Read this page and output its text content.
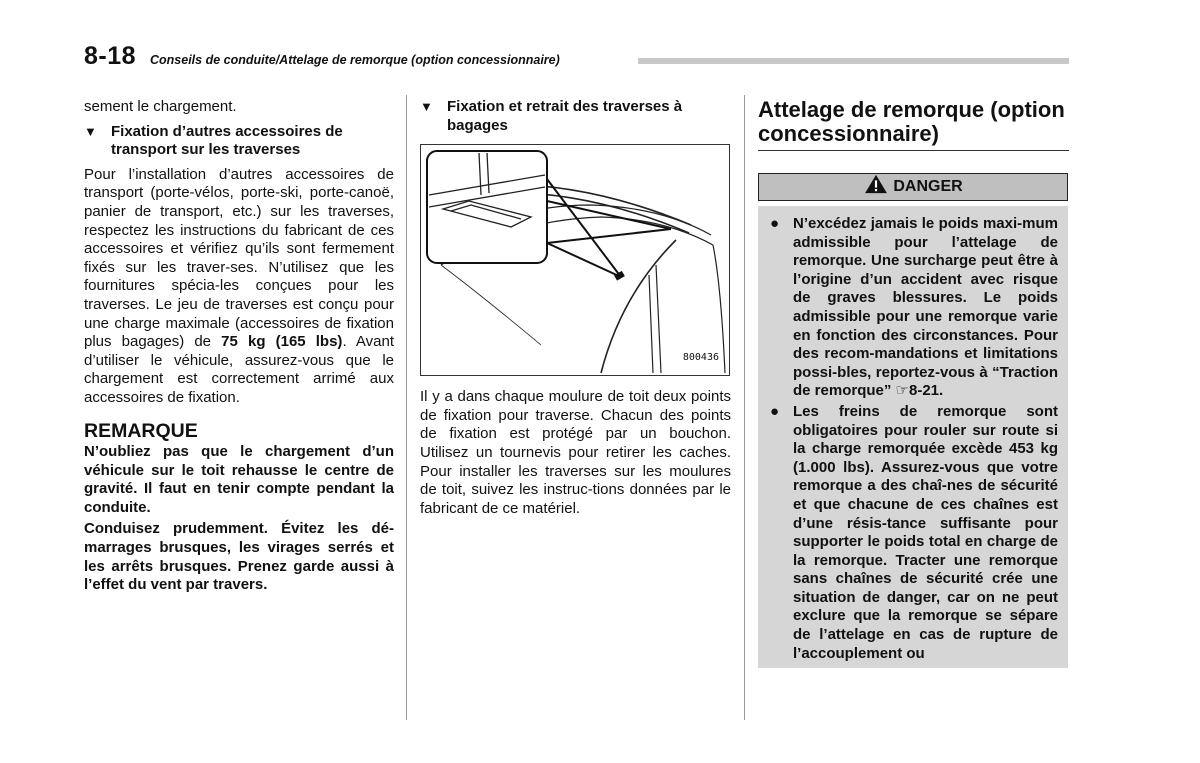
8-18 Conseils de conduite/Attelage de remorque (option concessionnaire)

sement le chargement.

▼ Fixation d’autres accessoires de transport sur les traverses

Pour l’installation d’autres accessoires de transport (porte-vélos, porte-ski, porte-canoë, panier de transport, etc.) sur les traverses, respectez les instructions du fabricant de ces accessoires et vérifiez qu’ils sont fermement fixés sur les traver-ses. N’utilisez que les fournitures spécia-les conçues pour les traverses. Le jeu de traverses est conçu pour une charge maximale (accessoires de fixation plus bagages) de 75 kg (165 lbs). Avant d’utiliser le véhicule, assurez-vous que le chargement est correctement arrimé aux accessoires de fixation.

REMARQUE

N’oubliez pas que le chargement d’un véhicule sur le toit rehausse le centre de gravité. Il faut en tenir compte pendant la conduite.

Conduisez prudemment. Évitez les dé-marrages brusques, les virages serrés et les arrêts brusques. Prenez garde aussi à l’effet du vent par travers.

▼ Fixation et retrait des traverses à bagages
800436

Il y a dans chaque moulure de toit deux points de fixation pour traverse. Chacun des points de fixation est protégé par un bouchon. Utilisez un tournevis pour retirer les caches. Pour installer les traverses sur les moulures de toit, suivez les instruc-tions données par le fabricant de ce matériel.

Attelage de remorque (option concessionnaire)
DANGER
● N’excédez jamais le poids maxi-mum admissible pour l’attelage de remorque. Une surcharge peut être à l’origine d’un accident avec risque de graves blessures. Le poids admissible pour une remorque varie en fonction des circonstances. Pour des recom-mandations et limitations possi-bles, reportez-vous à “Traction de remorque” ☞8-21.
● Les freins de remorque sont obligatoires pour rouler sur route si la charge remorquée excède 453 kg (1.000 lbs). Assurez-vous que votre remorque a des chaî-nes de sécurité et que chacune de ces chaînes est d’une résis-tance suffisante pour supporter le poids total en charge de la remorque. Tracter une remorque sans chaînes de sécurité crée une situation de danger, car on ne peut exclure que la remorque se sépare de l’attelage en cas de rupture de l’accouplement ou
